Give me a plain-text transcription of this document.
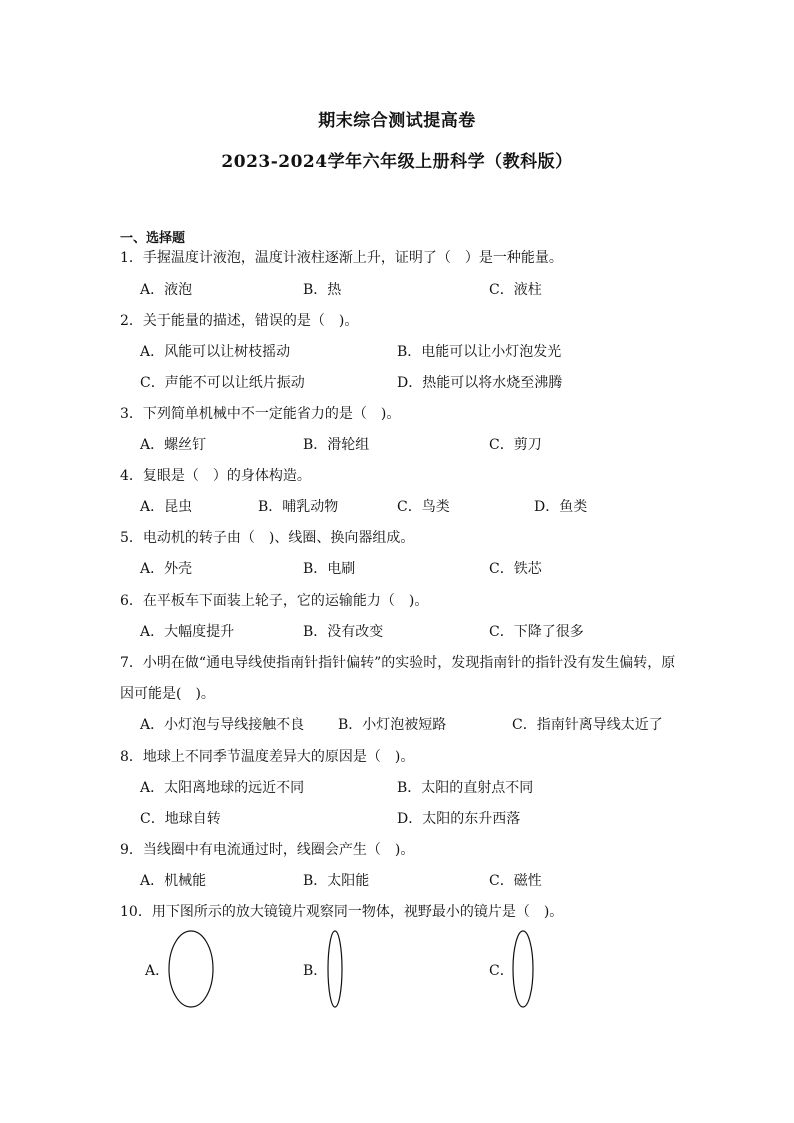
期末综合测试提高卷
2023-2024学年六年级上册科学（教科版）
一、选择题
1．手握温度计液泡，温度计液柱逐渐上升，证明了（　）是一种能量。
A．液泡	B．热	C．液柱
2．关于能量的描述，错误的是（　)。
A．风能可以让树枝摇动	B．电能可以让小灯泡发光
C．声能不可以让纸片振动	D．热能可以将水烧至沸腾
3．下列简单机械中不一定能省力的是（　)。
A．螺丝钉	B．滑轮组	C．剪刀
4．复眼是（　）的身体构造。
A．昆虫	B．哺乳动物	C．鸟类	D．鱼类
5．电动机的转子由（　)、线圈、换向器组成。
A．外壳	B．电刷	C．铁芯
6．在平板车下面装上轮子，它的运输能力（　)。
A．大幅度提升	B．没有改变	C．下降了很多
7．小明在做“通电导线使指南针指针偏转”的实验时，发现指南针的指针没有发生偏转，原
因可能是(　)。
A．小灯泡与导线接触不良 B．小灯泡被短路	C．指南针离导线太近了
8．地球上不同季节温度差异大的原因是（　)。
A．太阳离地球的远近不同	B．太阳的直射点不同
C．地球自转	D．太阳的东升西落
9．当线圈中有电流通过时，线圈会产生（　)。
A．机械能	B．太阳能	C．磁性
10．用下图所示的放大镜镜片观察同一物体，视野最小的镜片是（　)。
A．	B．	C．
